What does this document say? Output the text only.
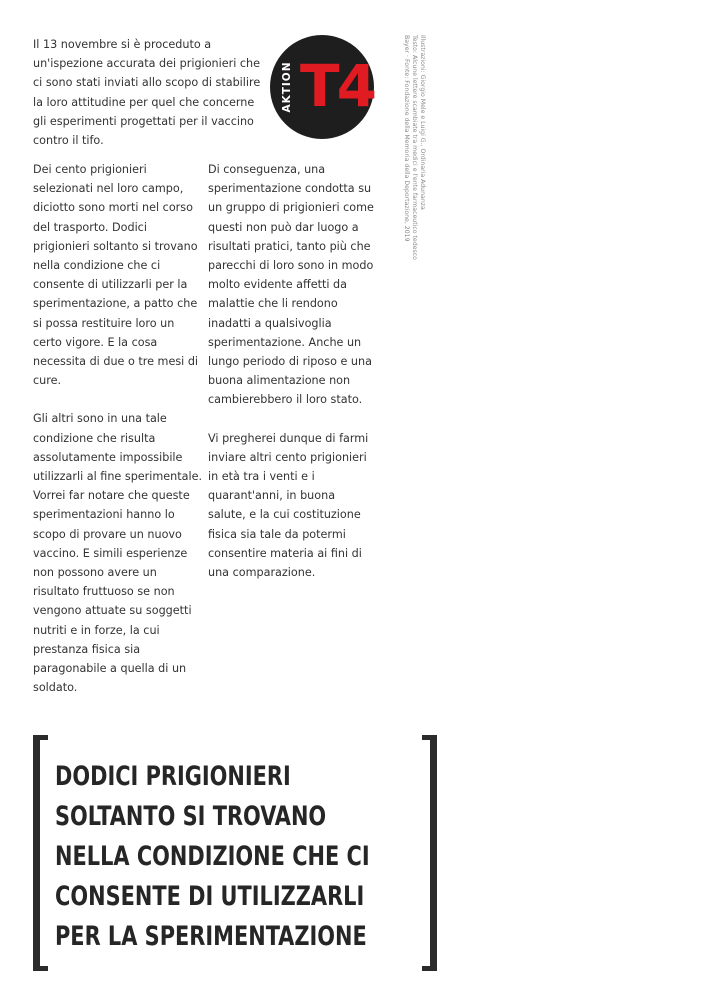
Il 13 novembre si è proceduto a un'ispezione accurata dei prigionieri che ci sono stati inviati allo scopo di stabilire la loro attitudine per quel che concerne gli esperimenti progettati per il vaccino contro il tifo.

AKTION T4	Illustrazioni: Giorgio Mele e Luigi G., Ordinaria Adunanza
Testo: Alcune lettere scambiate tra medici e l'ente farmaceutico tedesco
Bayer · Fonte: Fondazione della Memoria della Deportazione, 2019

Dei cento prigionieri selezionati nel loro campo, diciotto sono morti nel corso del trasporto. Dodici prigionieri soltanto si trovano nella condizione che ci consente di utilizzarli per la sperimentazione, a patto che si possa restituire loro un certo vigore. E la cosa necessita di due o tre mesi di cure.

Gli altri sono in una tale condizione che risulta assolutamente impossibile utilizzarli al fine sperimentale. Vorrei far notare che queste sperimentazioni hanno lo scopo di provare un nuovo vaccino. E simili esperienze non possono avere un risultato fruttuoso se non vengono attuate su soggetti nutriti e in forze, la cui prestanza fisica sia paragonabile a quella di un soldato.

Di conseguenza, una sperimentazione condotta su un gruppo di prigionieri come questi non può dar luogo a risultati pratici, tanto più che parecchi di loro sono in modo molto evidente affetti da malattie che li rendono inadatti a qualsivoglia sperimentazione. Anche un lungo periodo di riposo e una buona alimentazione non cambierebbero il loro stato.

Vi pregherei dunque di farmi inviare altri cento prigionieri in età tra i venti e i quarant'anni, in buona salute, e la cui costituzione fisica sia tale da potermi consentire materia ai fini di una comparazione.

DODICI PRIGIONIERI
SOLTANTO SI TROVANO
NELLA CONDIZIONE CHE CI
CONSENTE DI UTILIZZARLI
PER LA SPERIMENTAZIONE
